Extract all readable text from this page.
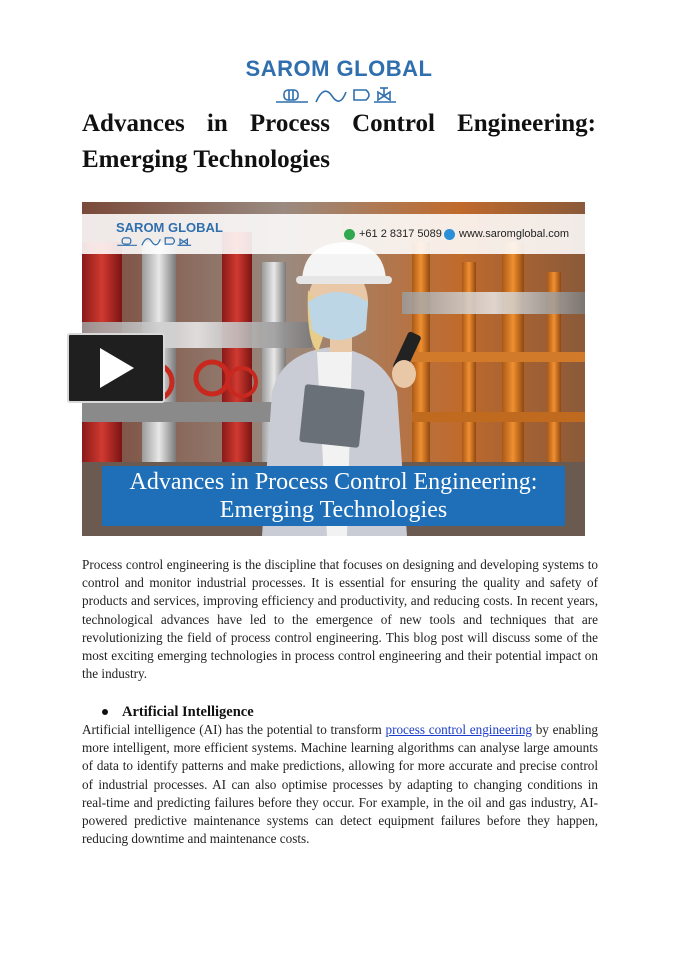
SAROM GLOBAL
Advances in Process Control Engineering: Emerging Technologies
SAROM GLOBAL	+61 2 8317 5089 www.saromglobal.com
Advances in Process Control Engineering:
Emerging Technologies

Process control engineering is the discipline that focuses on designing and developing systems to control and monitor industrial processes. It is essential for ensuring the quality and safety of products and services, improving efficiency and productivity, and reducing costs. In recent years, technological advances have led to the emergence of new tools and techniques that are revolutionizing the field of process control engineering. This blog post will discuss some of the most exciting emerging technologies in process control engineering and their potential impact on the industry.

Artificial Intelligence

Artificial intelligence (AI) has the potential to transform process control engineering by enabling more intelligent, more efficient systems. Machine learning algorithms can analyse large amounts of data to identify patterns and make predictions, allowing for more accurate and precise control of industrial processes. AI can also optimise processes by adapting to changing conditions in real-time and predicting failures before they occur. For example, in the oil and gas industry, AI-powered predictive maintenance systems can detect equipment failures before they happen, reducing downtime and maintenance costs.
